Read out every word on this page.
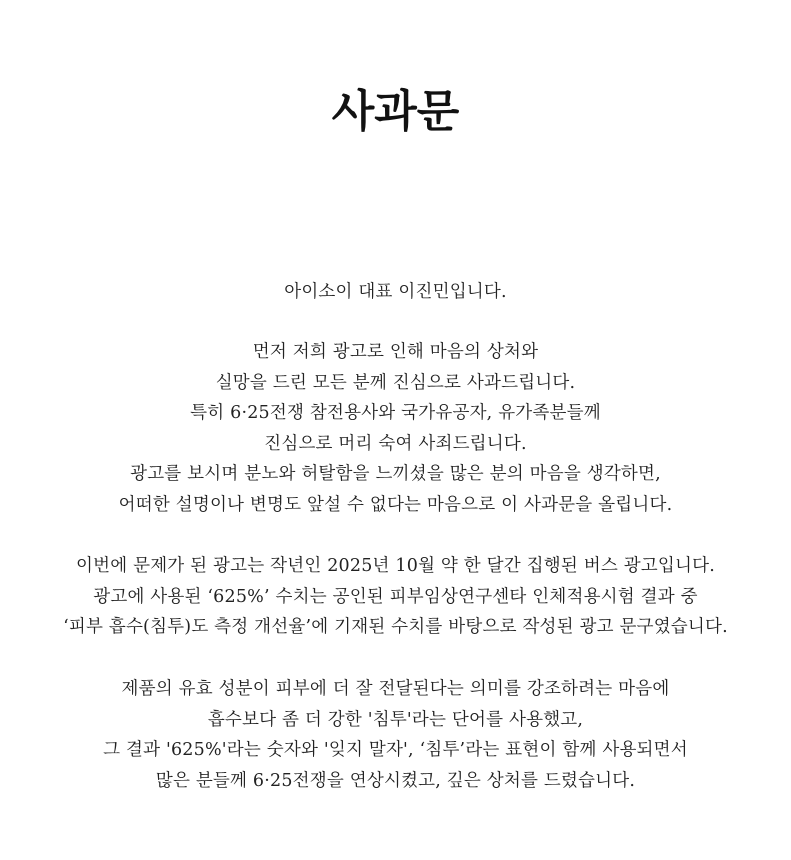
사과문
아이소이 대표 이진민입니다.
먼저 저희 광고로 인해 마음의 상처와
실망을 드린 모든 분께 진심으로 사과드립니다.
특히 6·25전쟁 참전용사와 국가유공자, 유가족분들께
진심으로 머리 숙여 사죄드립니다.
광고를 보시며 분노와 허탈함을 느끼셨을 많은 분의 마음을 생각하면,
어떠한 설명이나 변명도 앞설 수 없다는 마음으로 이 사과문을 올립니다.
이번에 문제가 된 광고는 작년인 2025년 10월 약 한 달간 집행된 버스 광고입니다.
광고에 사용된 ‘625%’ 수치는 공인된 피부임상연구센타 인체적용시험 결과 중
‘피부 흡수(침투)도 측정 개선율’에 기재된 수치를 바탕으로 작성된 광고 문구였습니다.
제품의 유효 성분이 피부에 더 잘 전달된다는 의미를 강조하려는 마음에
흡수보다 좀 더 강한 '침투'라는 단어를 사용했고,
그 결과 '625%'라는 숫자와 '잊지 말자', ‘침투’라는 표현이 함께 사용되면서
많은 분들께 6·25전쟁을 연상시켰고, 깊은 상처를 드렸습니다.
